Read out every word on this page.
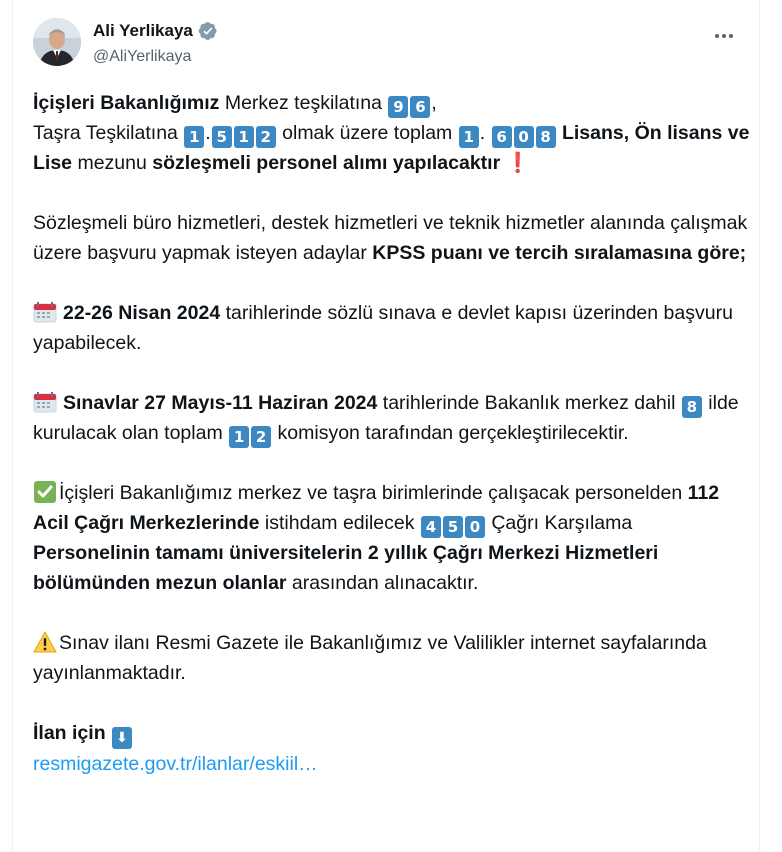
Ali Yerlikaya
@AliYerlikaya

İçişleri Bakanlığımız Merkez teşkilatına 9 6 ,
Taşra Teşkilatına 1 . 5 1 2 olmak üzere toplam 1 . 6 0 8 Lisans, Ön lisans ve Lise mezunu sözleşmeli personel alımı yapılacaktır ❗

Sözleşmeli büro hizmetleri, destek hizmetleri ve teknik hizmetler alanında çalışmak üzere başvuru yapmak isteyen adaylar KPSS puanı ve tercih sıralamasına göre;

22-26 Nisan 2024 tarihlerinde sözlü sınava e devlet kapısı üzerinden başvuru yapabilecek.

Sınavlar 27 Mayıs-11 Haziran 2024 tarihlerinde Bakanlık merkez dahil 8 ilde kurulacak olan toplam 1 2 komisyon tarafından gerçekleştirilecektir.

İçişleri Bakanlığımız merkez ve taşra birimlerinde çalışacak personelden 112 Acil Çağrı Merkezlerinde istihdam edilecek 4 5 0 Çağrı Karşılama Personelinin tamamı üniversitelerin 2 yıllık Çağrı Merkezi Hizmetleri bölümünden mezun olanlar arasından alınacaktır.

Sınav ilanı Resmi Gazete ile Bakanlığımız ve Valilikler internet sayfalarında yayınlanmaktadır.

İlan için ⬇
resmigazete.gov.tr/ilanlar/eskiil…
